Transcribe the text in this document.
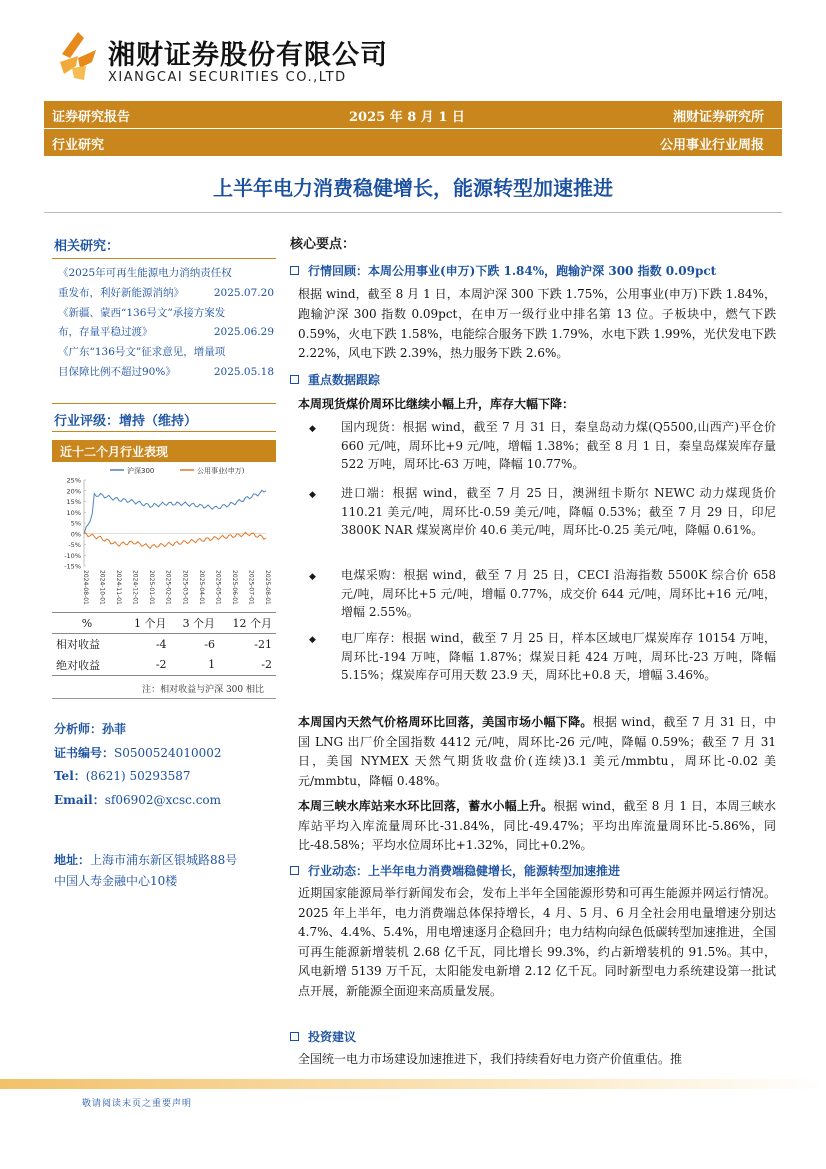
湘财证券股份有限公司
XIANGCAI SECURITIES CO.,LTD
证券研究报告	2025 年 8 月 1 日	湘财证券研究所
行业研究	公用事业行业周报
上半年电力消费稳健增长，能源转型加速推进
相关研究：
《2025年可再生能源电力消纳责任权
重发布，利好新能源消纳》	2025.07.20
《新疆、蒙西“136号文”承接方案发
布，存量平稳过渡》	2025.06.29
《广东“136号文”征求意见，增量项
目保障比例不超过90%》	2025.05.18
行业评级：增持（维持）
近十二个月行业表现
沪深300	公用事业(申万)
25%
20%
15%
10%
5%
0%
-5%
-10%
-15%
2024-08-01 2024-10-01 2024-11-01 2024-12-01 2025-01-01 2025-02-01 2025-03-01 2025-04-01 2025-05-01 2025-06-01 2025-07-01 2025-08-01
%	1 个月	3 个月	12 个月
相对收益	-4	-6	-21
绝对收益	-2	1	-2
注：相对收益与沪深 300 相比
分析师：孙菲
证书编号：S0500524010002
Tel：(8621) 50293587
Email：sf06902@xcsc.com
地址：上海市浦东新区银城路88号
中国人寿金融中心10楼
核心要点：
行情回顾：本周公用事业(申万)下跌 1.84%，跑输沪深 300 指数 0.09pct
根据 wind，截至 8 月 1 日，本周沪深 300 下跌 1.75%，公用事业(申万)下跌 1.84%，跑输沪深 300 指数 0.09pct，在申万一级行业中排名第 13 位。子板块中，燃气下跌 0.59%，火电下跌 1.58%，电能综合服务下跌 1.79%，水电下跌 1.99%，光伏发电下跌 2.22%，风电下跌 2.39%，热力服务下跌 2.6%。
重点数据跟踪
本周现货煤价周环比继续小幅上升，库存大幅下降：
◆ 国内现货：根据 wind，截至 7 月 31 日，秦皇岛动力煤(Q5500,山西产)平仓价 660 元/吨，周环比+9 元/吨，增幅 1.38%；截至 8 月 1 日，秦皇岛煤炭库存量 522 万吨，周环比-63 万吨，降幅 10.77%。
◆ 进口端：根据 wind，截至 7 月 25 日，澳洲纽卡斯尔 NEWC 动力煤现货价 110.21 美元/吨，周环比-0.59 美元/吨，降幅 0.53%；截至 7 月 29 日，印尼 3800K NAR 煤炭离岸价 40.6 美元/吨，周环比-0.25 美元/吨，降幅 0.61%。
◆ 电煤采购：根据 wind，截至 7 月 25 日，CECI 沿海指数 5500K 综合价 658 元/吨，周环比+5 元/吨，增幅 0.77%，成交价 644 元/吨，周环比+16 元/吨，增幅 2.55%。
◆ 电厂库存：根据 wind，截至 7 月 25 日，样本区域电厂煤炭库存 10154 万吨，周环比-194 万吨，降幅 1.87%；煤炭日耗 424 万吨，周环比-23 万吨，降幅 5.15%；煤炭库存可用天数 23.9 天，周环比+0.8 天，增幅 3.46%。
本周国内天然气价格周环比回落，美国市场小幅下降。根据 wind，截至 7 月 31 日，中国 LNG 出厂价全国指数 4412 元/吨，周环比-26 元/吨，降幅 0.59%；截至 7 月 31 日，美国 NYMEX 天然气期货收盘价(连续)3.1 美元/mmbtu，周环比-0.02 美元/mmbtu，降幅 0.48%。
本周三峡水库站来水环比回落，蓄水小幅上升。根据 wind，截至 8 月 1 日，本周三峡水库站平均入库流量周环比-31.84%，同比-49.47%；平均出库流量周环比-5.86%，同比-48.58%；平均水位周环比+1.32%，同比+0.2%。
行业动态：上半年电力消费端稳健增长，能源转型加速推进
近期国家能源局举行新闻发布会，发布上半年全国能源形势和可再生能源并网运行情况。2025 年上半年，电力消费端总体保持增长，4 月、5 月、6 月全社会用电量增速分别达 4.7%、4.4%、5.4%，用电增速逐月企稳回升；电力结构向绿色低碳转型加速推进，全国可再生能源新增装机 2.68 亿千瓦，同比增长 99.3%，约占新增装机的 91.5%。其中，风电新增 5139 万千瓦，太阳能发电新增 2.12 亿千瓦。同时新型电力系统建设第一批试点开展，新能源全面迎来高质量发展。
投资建议
全国统一电力市场建设加速推进下，我们持续看好电力资产价值重估。推
敬请阅读末页之重要声明
